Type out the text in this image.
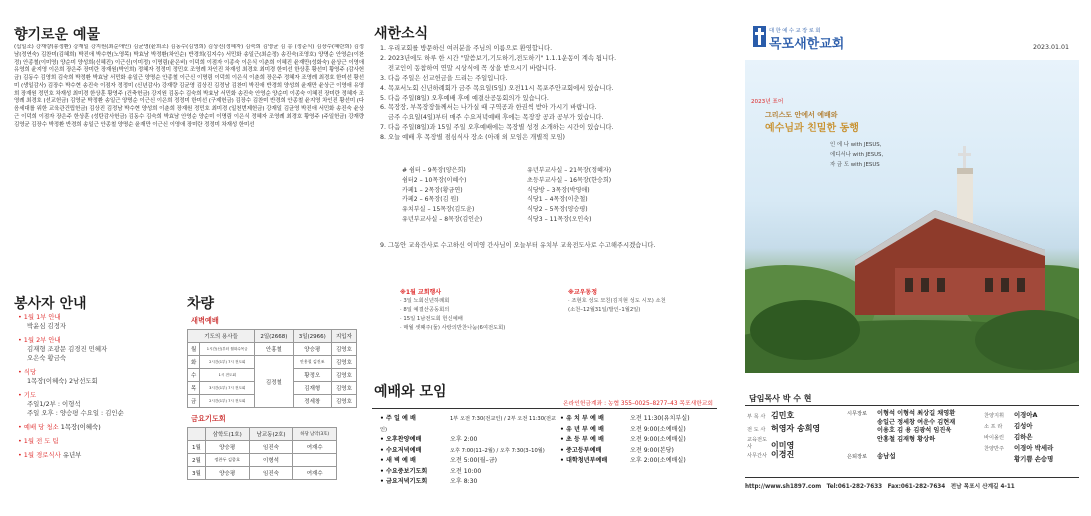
향기로운 예물
(십일조) 강재량(송정환) 강재일 강지원(최순애인) 김균영(윤희조) 김동수(김영희) 김상진(정혜자) 김숙희 김영균 김 몽 (정준식) 김장수(혜란희) 김정남(정연숙) 김찬미(김혜희) 박진애 박수현(노영목) 박효남 박정환(차인순) 반경희(김지수) 서민화 송일근(최순정) 송진숙(조영호) 양명순 안영순(이찬정) 안종철(이미영) 양순미 양성희(신혜진) 이근신(이미정) 이명림(윤은비) 이덕희 이점자 이종숙 이은식 이춘희 이혜진 윤재만(성화숙) 윤상근 이영애 유영희 윤지영 이은희 장은주 장미란 장재원(박인희) 정혜자 정정미 정민호 조영례 차인진 차재성 최경호 최미경 한미선 한상훈 황선미 황영주 (감사헌금) 김동수 김영희 김숙희 박정환 박효남 서민화 송일근 양명순 안종철 이근신 이명림 이덕희 이은식 이춘희 장은주 정혜자 조영례 최경호 한미선 황선미 (생일감사) 김장수 박수현 송진숙 이점자 정정미 (신년감사) 강재량 김균영 김상진 김정남 김찬미 박진애 반경희 양성희 윤재만 윤상근 이영애 유영희 장재원 정민호 차재성 최미경 한상훈 황영주 (건축헌금) 강지원 김동수 김숙희 박효남 서민화 송진숙 안영순 양순미 이종숙 이혜진 장미란 정혜자 조영례 최경호 (선교헌금) 김영균 박정환 송일근 양명순 이근신 이은희 정정미 한미선 (구제헌금) 김장수 김찬미 반경희 안종철 윤지영 차인진 황선미 (다음세대를 위한 교육관건립헌금) 김상진 김정남 박수현 양성희 이춘희 장재원 정민호 최미경 (일천번제헌금) 강재일 김균영 박진애 서민화 송진숙 윤상근 이덕희 이점자 장은주 한상훈 (성탄감사헌금) 김동수 김숙희 박효남 안영순 양순미 이명림 이은식 정혜자 조영례 최경호 황영주 (주일헌금) 강재량 김영균 김장수 박정환 반경희 송일근 안종철 양명순 윤재만 이근신 이영애 장미란 정정미 차재성 한미선
봉사자 안내
• 1월 1부 안내
박윤심 김정자
• 1월 2부 안내
김재형 조광문 김경진 민혜자
오은숙 황금숙
• 식당
1목장(이혜숙) 2남선도회
• 기도
주일1/2부 : 이형석
주일 오후 : 양승평 수요일 : 김인순
• 예배 당 청소 1목장(이혜숙)
• 1월 전 도 팀
• 1월 경로식사 유년부
차량
새벽예배
기도의 용사들		2일(2668)	3일(2966)	지입자
월	1시간(신)부터 월화수목금	안홍철	양승평	김영호
화	2시간(1부) 7시 전도회	김정철	안홍철 김진조	김영호
수	1시 전도회		황정오	김영호
목	3시간(1부) 7시 전도회		김재형	김영호
금	2시간(1부) 7시 전도회		정세창	김영호
금요기도회
	삼학도(1호)	남교동(2호)	하당 남악(3호)
1월	양승평	임진숙	여재수
2월	정찬두 김종호	이형석	
3월	양승평	임진숙	여재수
새한소식
1. 우리교회를 방문하신 여러분을 주님의 이름으로 환영합니다.
2. 2023년에도 하루 한 시간 "말씀보기,기도하기,전도하기" 1.1.1운동이 계속 됩니다.
전교인이 동참하여 연말 시상식에 꼭 상을 받으시기 바랍니다.
3. 다음 주일은 선교헌금을 드리는 주일입니다.
4. 목포서노회 신년하례회가 금주 목요일(5일) 오전11시 목포주안교회에서 있습니다.
5. 다음 주일(8일) 오후예배 후에 예결산공동회의가 있습니다.
6. 목장장, 부목장장들께서는 나가실 때 구역공과 한권씩 받아 가시기 바랍니다.
금주 수요일(4일)부터 매주 수요저녁예배 후에는 목장장 공과 공부가 있습니다.
7. 다음 주일(8일)과 15일 주일 오후예배에는 목장별 성경 소개하는 시간이 있습니다.
8. 오늘 예배 후 목장별 점심식사 장소 (아래 외 모임은 개별적 모임)
# 쉼터 – 9목장(양은희)	유년부교사실 – 21목장(정혜자)
쉼터2 – 10목장(이혜수)	초등부교사실 – 16목장(한승희)
카페1 – 2목장(황금연)	식당방 – 3목장(박영애)
카페2 – 6목장(김 원)	식당1 – 4목장(이춘철)
유치부실 – 15목장(김도윤)	식당2 – 5목장(양승평)
유년부교사실 – 8목장(김인순)	식당3 – 11목장(오인숙)
9. 그동안 교육간사로 수고하신 이미영 간사님이 오늘부터 유치부 교육전도사로 수고해주시겠습니다.
※1월 교회행사
· 3일 노회신년하례회
· 8일 예결산공동회의
· 15일 1남전도회 헌신예배
· 매월 셋째주(둘) 사랑의반찬나눔(6여전도회)
※교우동정
· 조현호 성도 모친(김지현 성도 시모) 소천
(소천–12월31일/발인–1월2일)
예배와 모임
온라인헌금계좌 : 농협 355–0025–8277–43 목포새한교회
• 주 일 예 배	1부 오전 7:30(전교인) / 2부 오전 11:30(전교인)
• 오후찬양예배	오후 2:00
• 수요저녁예배	오후 7:00(11–2월) / 오후 7:30(3–10월)
• 새 벽 예 배	오전 5:00(월–금)
• 수요중보기도회	오전 10:00
• 금요저녁기도회	오후 8:30
• 유 치 부 예 배	오전 11:30(유치부실)
• 유 년 부 예 배	오전 9:00(소예배실)
• 초 등 부 예 배	오전 9:00(소예배실)
• 중고등부예배	오전 9:00(본당)
• 대학청년부예배	오후 2:00(소예배실)
대한예수교장로회
목포새한교회	2023.01.01
2023년 표어
그리스도 안에서 예배와
예수님과 친밀한 동행
인 에 나 with JESUS,
에디서나 with JESUS,
자 금 도 with JESUS
담임목사 박 수 현
부 목 사 김민호
전 도 사 허영자 송희영
교육전도사 이미영
사무간사 이경진
시무장로 이형석 이형석 최상길 채영환
송일근 정세창 여운수 김현재
이용호 김 용 김광석 임진욱
안홍철 김재형 황상하
은퇴장로 송남섭
찬양지휘 이경아A
소 프 라 김성아
바이올린 김하은
찬양반주 이경아 박세라
황기쁨 손승명
http://www.sh1897.com Tel:061-282-7633 Fax:061-282-7634 전남 목포시 산계길 4-11
